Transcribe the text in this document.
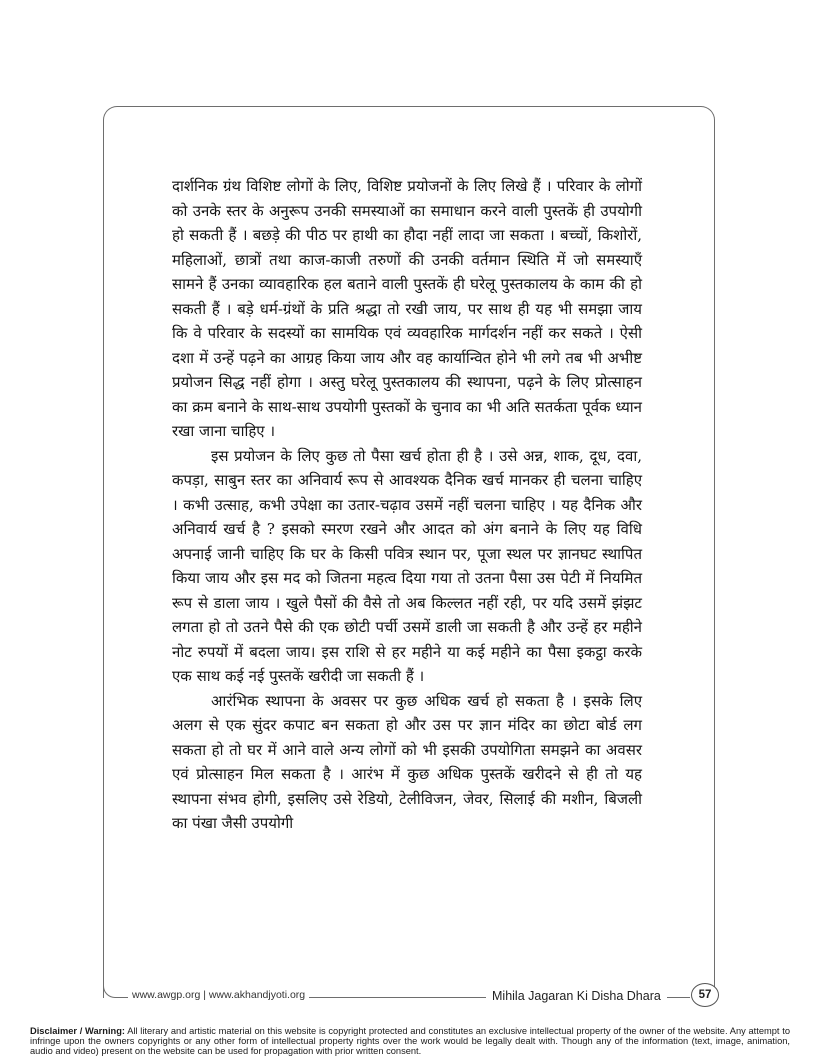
दार्शनिक ग्रंथ विशिष्ट लोगों के लिए, विशिष्ट प्रयोजनों के लिए लिखे हैं । परिवार के लोगों को उनके स्तर के अनुरूप उनकी समस्याओं का समाधान करने वाली पुस्तकें ही उपयोगी हो सकती हैं । बछड़े की पीठ पर हाथी का हौदा नहीं लादा जा सकता । बच्चों, किशोरों, महिलाओं, छात्रों तथा काज-काजी तरुणों की उनकी वर्तमान स्थिति में जो समस्याएँ सामने हैं उनका व्यावहारिक हल बताने वाली पुस्तकें ही घरेलू पुस्तकालय के काम की हो सकती हैं । बड़े धर्म-ग्रंथों के प्रति श्रद्धा तो रखी जाय, पर साथ ही यह भी समझा जाय कि वे परिवार के सदस्यों का सामयिक एवं व्यवहारिक मार्गदर्शन नहीं कर सकते । ऐसी दशा में उन्हें पढ़ने का आग्रह किया जाय और वह कार्यान्वित होने भी लगे तब भी अभीष्ट प्रयोजन सिद्ध नहीं होगा । अस्तु घरेलू पुस्तकालय की स्थापना, पढ़ने के लिए प्रोत्साहन का क्रम बनाने के साथ-साथ उपयोगी पुस्तकों के चुनाव का भी अति सतर्कता पूर्वक ध्यान रखा जाना चाहिए ।

इस प्रयोजन के लिए कुछ तो पैसा खर्च होता ही है । उसे अन्न, शाक, दूध, दवा, कपड़ा, साबुन स्तर का अनिवार्य रूप से आवश्यक दैनिक खर्च मानकर ही चलना चाहिए । कभी उत्साह, कभी उपेक्षा का उतार-चढ़ाव उसमें नहीं चलना चाहिए । यह दैनिक और अनिवार्य खर्च है ? इसको स्मरण रखने और आदत को अंग बनाने के लिए यह विधि अपनाई जानी चाहिए कि घर के किसी पवित्र स्थान पर, पूजा स्थल पर ज्ञानघट स्थापित किया जाय और इस मद को जितना महत्व दिया गया तो उतना पैसा उस पेटी में नियमित रूप से डाला जाय । खुले पैसों की वैसे तो अब किल्लत नहीं रही, पर यदि उसमें झंझट लगता हो तो उतने पैसे की एक छोटी पर्ची उसमें डाली जा सकती है और उन्हें हर महीने नोट रुपयों में बदला जाय। इस राशि से हर महीने या कई महीने का पैसा इकट्ठा करके एक साथ कई नई पुस्तकें खरीदी जा सकती हैं ।

आरंभिक स्थापना के अवसर पर कुछ अधिक खर्च हो सकता है । इसके लिए अलग से एक सुंदर कपाट बन सकता हो और उस पर ज्ञान मंदिर का छोटा बोर्ड लग सकता हो तो घर में आने वाले अन्य लोगों को भी इसकी उपयोगिता समझने का अवसर एवं प्रोत्साहन मिल सकता है । आरंभ में कुछ अधिक पुस्तकें खरीदने से ही तो यह स्थापना संभव होगी, इसलिए उसे रेडियो, टेलीविजन, जेवर, सिलाई की मशीन, बिजली का पंखा जैसी उपयोगी

www.awgp.org | www.akhandjyoti.org	Mihila Jagaran Ki Disha Dhara	57
Disclaimer / Warning: All literary and artistic material on this website is copyright protected and constitutes an exclusive intellectual property of the owner of the website. Any attempt to infringe upon the owners copyrights or any other form of intellectual property rights over the work would be legally dealt with. Though any of the information (text, image, animation, audio and video) present on the website can be used for propagation with prior written consent.
